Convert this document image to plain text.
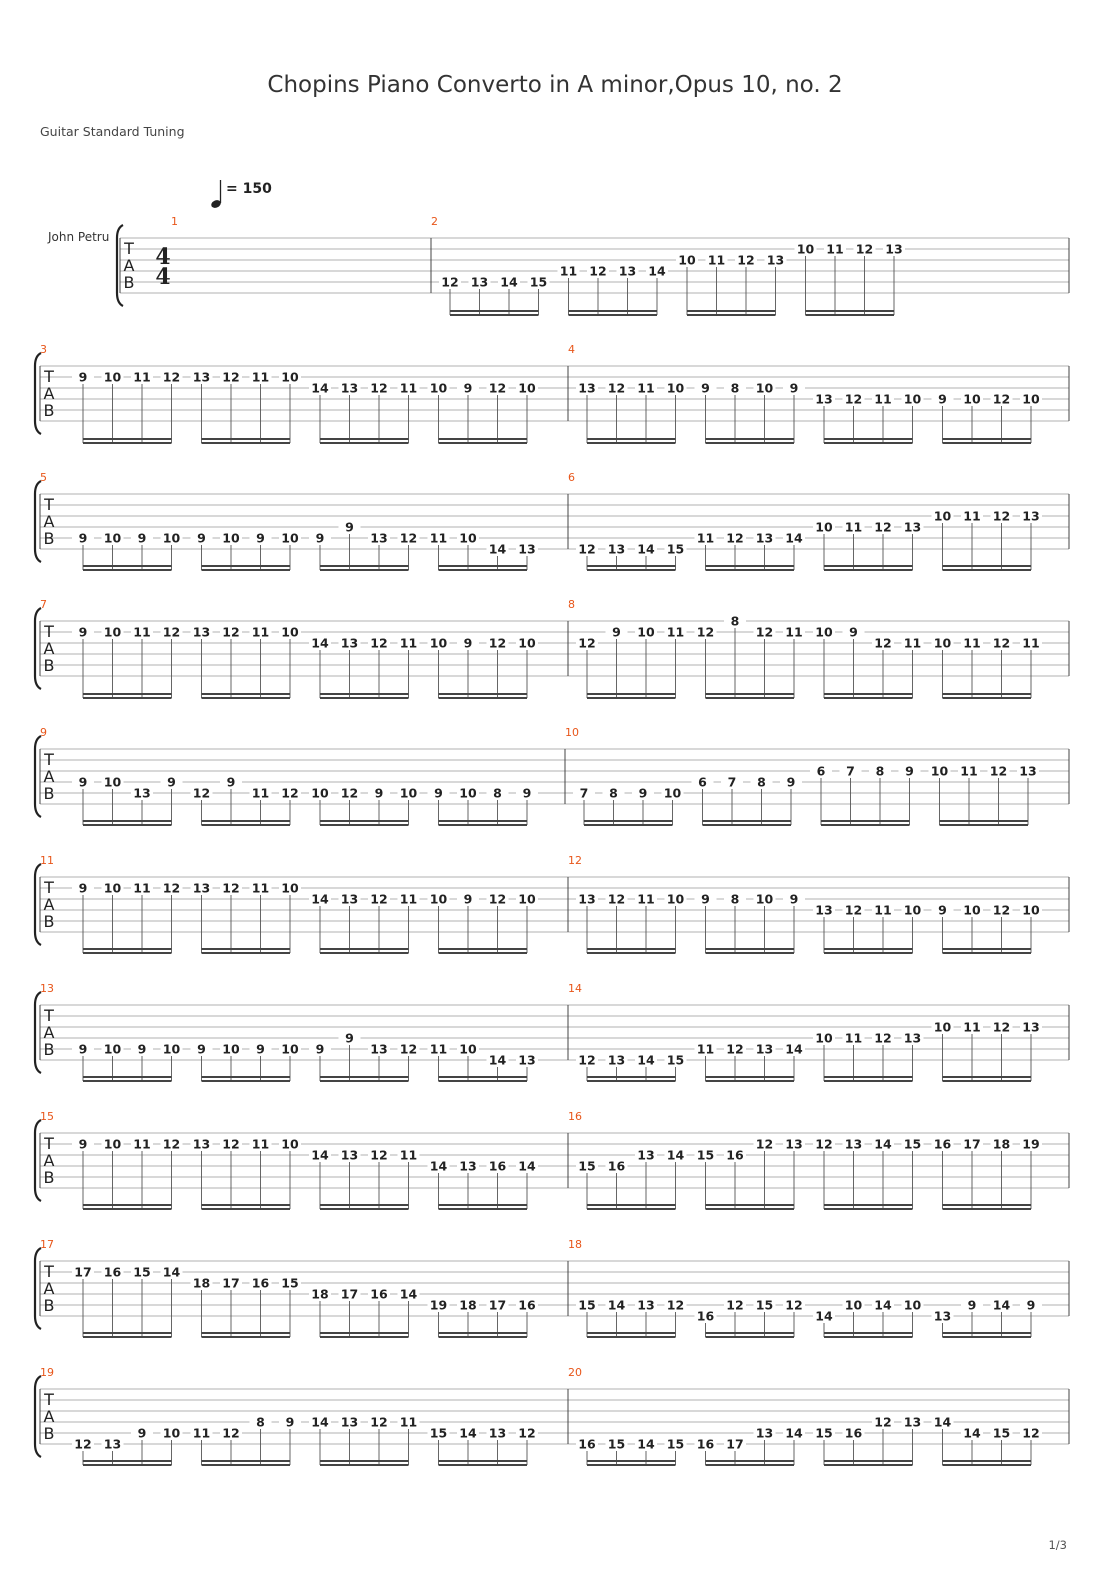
Chopins Piano Converto in A minor,Opus 10, no. 2
Guitar Standard Tuning
= 150
John Petru
T
A
B
4
4
1	2
12 13 14 15
11 12 13 14
10 11 12 13
10 11 12 13
T
A
B
3
9 10 11 12 13 12 11 10
14 13 12 11 10 9 12 10
4
13 12 11 10 9 8 10 9
13 12 11 10 9 10 12 10
T
A
B
5
9 10 9 10 9 10 9 10 9
9
13 12 11 10
14 13
6
12 13 14 15
11 12 13 14
10 11 12 13
10 11 12 13
T
A
B
7
9 10 11 12 13 12 11 10
14 13 12 11 10 9 12 10
8
12
9 10 11 12
8
12 11 10 9
12 11 10 11 12 11
T
A
B
9
9 10
13
9
12
9
11 12 10 12 9 10 9 10 8 9
10
7 8 9 10
6 7 8 9
6 7 8 9 10 11 12 13
T
A
B
11
9 10 11 12 13 12 11 10
14 13 12 11 10 9 12 10
12
13 12 11 10 9 8 10 9
13 12 11 10 9 10 12 10
T
A
B
13
9 10 9 10 9 10 9 10 9
9
13 12 11 10
14 13
14
12 13 14 15
11 12 13 14
10 11 12 13
10 11 12 13
T
A
B
15
9 10 11 12 13 12 11 10
14 13 12 11
14 13 16 14
16
15 16
13 14 15 16
12 13 12 13 14 15 16 17 18 19
T
A
B
17
17 16 15 14
18 17 16 15
18 17 16 14
19 18 17 16
18
15 14 13 12
16
12 15 12
14
10 14 10
13
9 14 9
T
A
B
19
12 13
9 10 11 12
8 9 14 13 12 11
15 14 13 12
20
16 15 14 15 16 17
13 14 15 16
12 13 14
14 15 12
1/3
